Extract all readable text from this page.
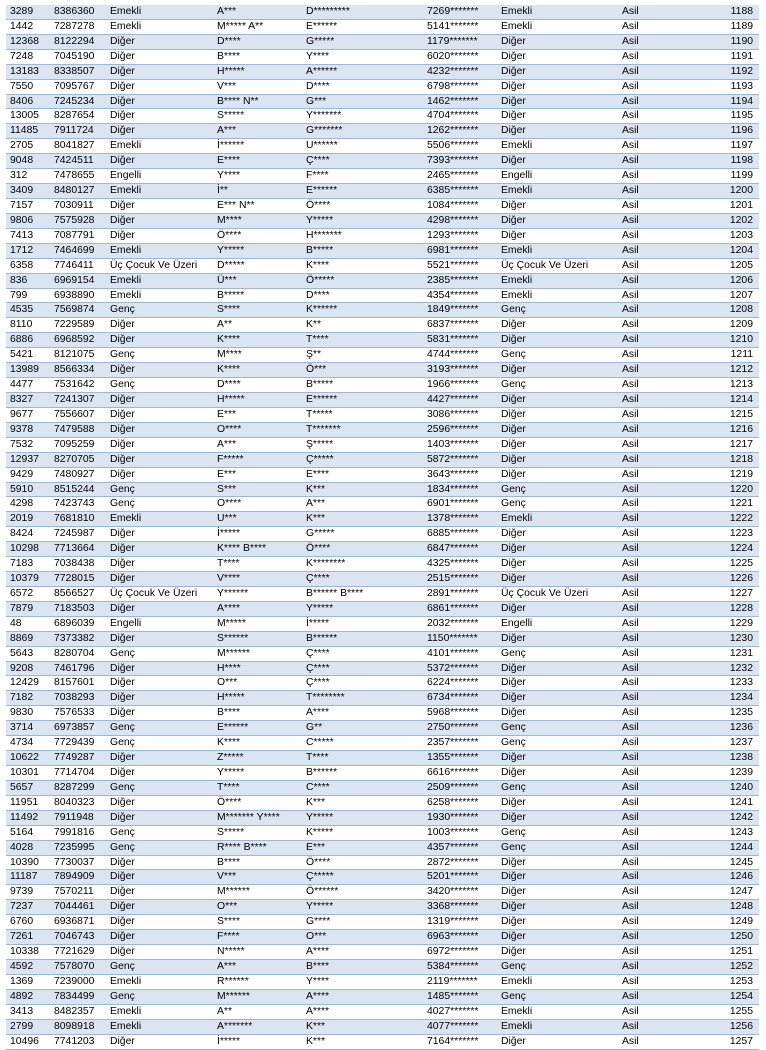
3289	8386360	Emekli	A***	D*********	7269*******	Emekli	Asil	1188
1442	7287278	Emekli	M***** A**	E******	5141*******	Emekli	Asil	1189
12368	8122294	Diğer	D****	G*****	1179*******	Diğer	Asil	1190
7248	7045190	Diğer	B****	Y****	6020*******	Diğer	Asil	1191
13183	8338507	Diğer	H*****	A******	4232*******	Diğer	Asil	1192
7550	7095767	Diğer	V***	D****	6798*******	Diğer	Asil	1193
8406	7245234	Diğer	B**** N**	G***	1462*******	Diğer	Asil	1194
13005	8287654	Diğer	S*****	Y*******	4704*******	Diğer	Asil	1195
11485	7911724	Diğer	A***	G*******	1262*******	Diğer	Asil	1196
2705	8041827	Emekli	İ******	U******	5506*******	Emekli	Asil	1197
9048	7424511	Diğer	E****	Ç****	7393*******	Diğer	Asil	1198
312	7478655	Engelli	Y****	F****	2465*******	Engelli	Asil	1199
3409	8480127	Emekli	İ**	E******	6385*******	Emekli	Asil	1200
7157	7030911	Diğer	E*** N**	Ö****	1084*******	Diğer	Asil	1201
9806	7575928	Diğer	M****	Y*****	4298*******	Diğer	Asil	1202
7413	7087791	Diğer	Ö****	H*******	1293*******	Diğer	Asil	1203
1712	7464699	Emekli	Y*****	B*****	6981*******	Emekli	Asil	1204
6358	7746411	Üç Çocuk Ve Üzeri	D*****	K****	5521*******	Üç Çocuk Ve Üzeri	Asil	1205
836	6969154	Emekli	Ü***	Ö*****	2385*******	Emekli	Asil	1206
799	6938890	Emekli	B*****	D****	4354*******	Emekli	Asil	1207
4535	7569874	Genç	S****	K******	1849*******	Genç	Asil	1208
8110	7229589	Diğer	A**	K**	6837*******	Diğer	Asil	1209
6886	6968592	Diğer	K****	T****	5831*******	Diğer	Asil	1210
5421	8121075	Genç	M****	Ş**	4744*******	Genç	Asil	1211
13989	8566334	Diğer	K****	Ö***	3193*******	Diğer	Asil	1212
4477	7531642	Genç	D****	B*****	1966*******	Genç	Asil	1213
8327	7241307	Diğer	H*****	E******	4427*******	Diğer	Asil	1214
9677	7556607	Diğer	E***	T*****	3086*******	Diğer	Asil	1215
9378	7479588	Diğer	O****	T*******	2596*******	Diğer	Asil	1216
7532	7095259	Diğer	A***	Ş*****	1403*******	Diğer	Asil	1217
12937	8270705	Diğer	F*****	Ç*****	5872*******	Diğer	Asil	1218
9429	7480927	Diğer	E***	E****	3643*******	Diğer	Asil	1219
5910	8515244	Genç	S***	K***	1834*******	Genç	Asil	1220
4298	7423743	Genç	O****	A***	6901*******	Genç	Asil	1221
2019	7681810	Emekli	U***	K***	1378*******	Emekli	Asil	1222
8424	7245987	Diğer	İ*****	G*****	6885*******	Diğer	Asil	1223
10298	7713664	Diğer	K**** B****	Ö****	6847*******	Diğer	Asil	1224
7183	7038438	Diğer	T****	K********	4325*******	Diğer	Asil	1225
10379	7728015	Diğer	V****	Ç****	2515*******	Diğer	Asil	1226
6572	8566527	Üç Çocuk Ve Üzeri	Y******	B****** B****	2891*******	Üç Çocuk Ve Üzeri	Asil	1227
7879	7183503	Diğer	A****	Y*****	6861*******	Diğer	Asil	1228
48	6896039	Engelli	M*****	İ*****	2032*******	Engelli	Asil	1229
8869	7373382	Diğer	S******	B******	1150*******	Diğer	Asil	1230
5643	8280704	Genç	M******	Ç****	4101*******	Genç	Asil	1231
9208	7461796	Diğer	H****	Ç****	5372*******	Diğer	Asil	1232
12429	8157601	Diğer	O***	Ç****	6224*******	Diğer	Asil	1233
7182	7038293	Diğer	H*****	T********	6734*******	Diğer	Asil	1234
9830	7576533	Diğer	B****	A****	5968*******	Diğer	Asil	1235
3714	6973857	Genç	E******	G**	2750*******	Genç	Asil	1236
4734	7729439	Genç	K****	C*****	2357*******	Genç	Asil	1237
10622	7749287	Diğer	Z*****	T****	1355*******	Diğer	Asil	1238
10301	7714704	Diğer	Y*****	B******	6616*******	Diğer	Asil	1239
5657	8287299	Genç	T****	C****	2509*******	Genç	Asil	1240
11951	8040323	Diğer	Ö****	K***	6258*******	Diğer	Asil	1241
11492	7911948	Diğer	M******* Y****	Y*****	1930*******	Diğer	Asil	1242
5164	7991816	Genç	S*****	K*****	1003*******	Genç	Asil	1243
4028	7235995	Genç	R**** B****	E***	4357*******	Genç	Asil	1244
10390	7730037	Diğer	B****	Ö****	2872*******	Diğer	Asil	1245
11187	7894909	Diğer	V***	Ç*****	5201*******	Diğer	Asil	1246
9739	7570211	Diğer	M******	Ö******	3420*******	Diğer	Asil	1247
7237	7044461	Diğer	O***	Y*****	3368*******	Diğer	Asil	1248
6760	6936871	Diğer	S****	G****	1319*******	Diğer	Asil	1249
7261	7046743	Diğer	F****	O***	6963*******	Diğer	Asil	1250
10338	7721629	Diğer	N*****	A****	6972*******	Diğer	Asil	1251
4592	7578070	Genç	A***	B****	5384*******	Genç	Asil	1252
1369	7239000	Emekli	R******	Y****	2119*******	Emekli	Asil	1253
4892	7834499	Genç	M******	A****	1485*******	Genç	Asil	1254
3413	8482357	Emekli	A**	A****	4027*******	Emekli	Asil	1255
2799	8098918	Emekli	A*******	K***	4077*******	Emekli	Asil	1256
10496	7741203	Diğer	İ*****	K***	7164*******	Diğer	Asil	1257
